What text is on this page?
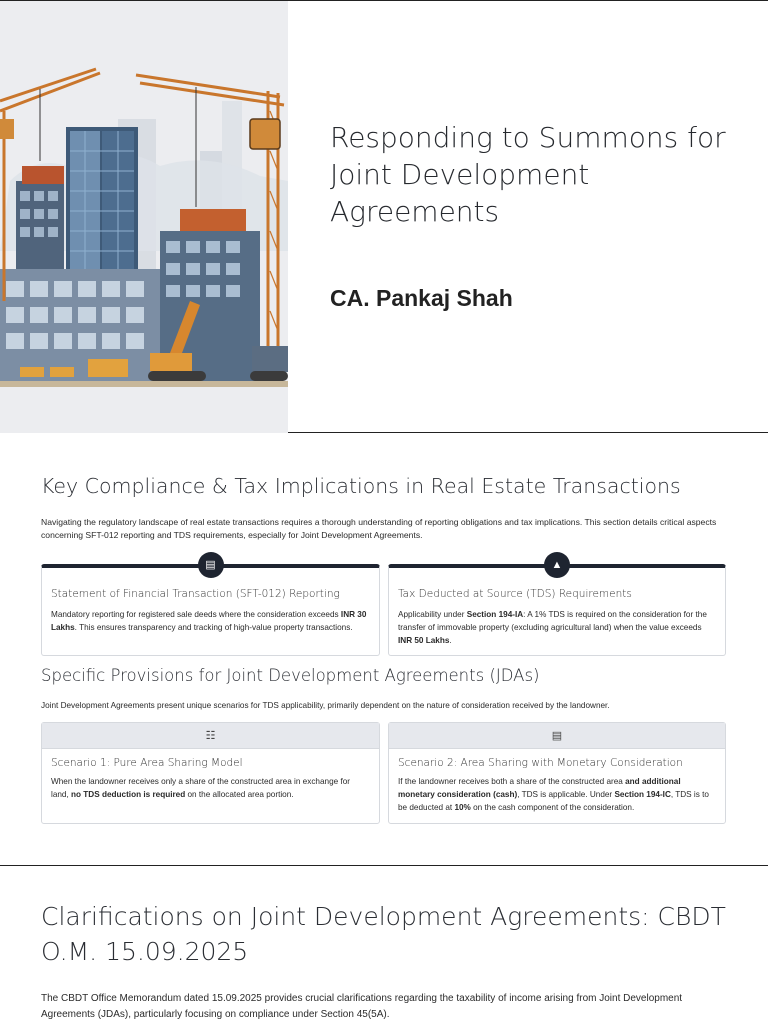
Responding to Summons for Joint Development Agreements
CA. Pankaj Shah
Key Compliance & Tax Implications in Real Estate Transactions

Navigating the regulatory landscape of real estate transactions requires a thorough understanding of reporting obligations and tax implications. This section details critical aspects concerning SFT-012 reporting and TDS requirements, especially for Joint Development Agreements.

▤
Statement of Financial Transaction (SFT-012) Reporting
Mandatory reporting for registered sale deeds where the consideration exceeds INR 30 Lakhs. This ensures transparency and tracking of high-value property transactions.
▲
Tax Deducted at Source (TDS) Requirements
Applicability under Section 194-IA: A 1% TDS is required on the consideration for the transfer of immovable property (excluding agricultural land) when the value exceeds INR 50 Lakhs.
Specific Provisions for Joint Development Agreements (JDAs)

Joint Development Agreements present unique scenarios for TDS applicability, primarily dependent on the nature of consideration received by the landowner.

☷
Scenario 1: Pure Area Sharing Model
When the landowner receives only a share of the constructed area in exchange for land, no TDS deduction is required on the allocated area portion.
▤
Scenario 2: Area Sharing with Monetary Consideration
If the landowner receives both a share of the constructed area and additional monetary consideration (cash), TDS is applicable. Under Section 194-IC, TDS is to be deducted at 10% on the cash component of the consideration.
Clarifications on Joint Development Agreements: CBDT O.M. 15.09.2025

The CBDT Office Memorandum dated 15.09.2025 provides crucial clarifications regarding the taxability of income arising from Joint Development Agreements (JDAs), particularly focusing on compliance under Section 45(5A).
